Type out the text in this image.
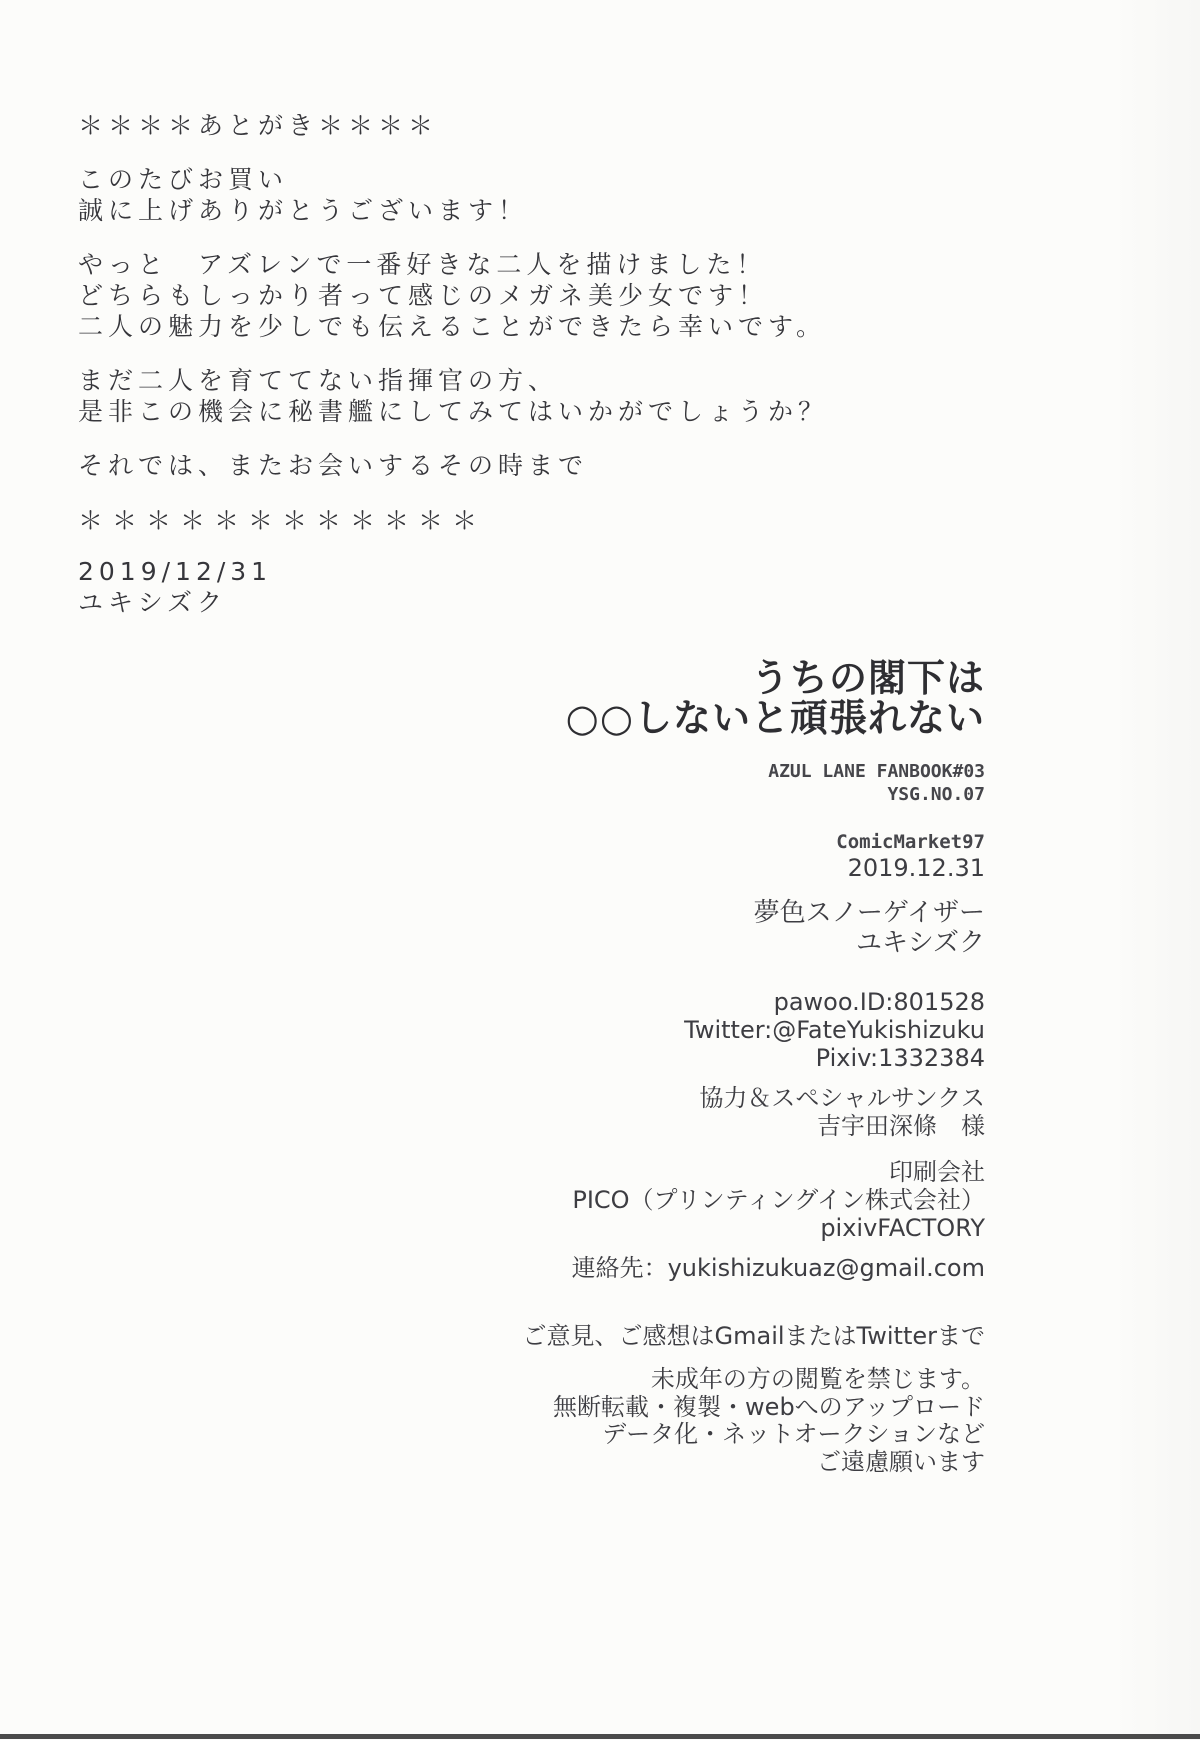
＊＊＊＊あとがき＊＊＊＊
このたびお買い
誠に上げありがとうございます！
やっと　アズレンで一番好きな二人を描けました！
どちらもしっかり者って感じのメガネ美少女です！
二人の魅力を少しでも伝えることができたら幸いです。
まだ二人を育ててない指揮官の方、
是非この機会に秘書艦にしてみてはいかがでしょうか？
それでは、またお会いするその時まで
＊＊＊＊＊＊＊＊＊＊＊＊
2019/12/31
ユキシズク
うちの閣下は
○○しないと頑張れない
AZUL LANE FANBOOK#03
YSG.NO.07
ComicMarket97
2019.12.31
夢色スノーゲイザー
ユキシズク
pawoo.ID:801528
Twitter:@FateYukishizuku
Pixiv:1332384
協力＆スペシャルサンクス
吉宇田深條　様
印刷会社
PICO（プリンティングイン株式会社）
pixivFACTORY
連絡先：yukishizukuaz@gmail.com
ご意見、ご感想はGmailまたはTwitterまで
未成年の方の閲覧を禁じます。
無断転載・複製・webへのアップロード
データ化・ネットオークションなど
ご遠慮願います
